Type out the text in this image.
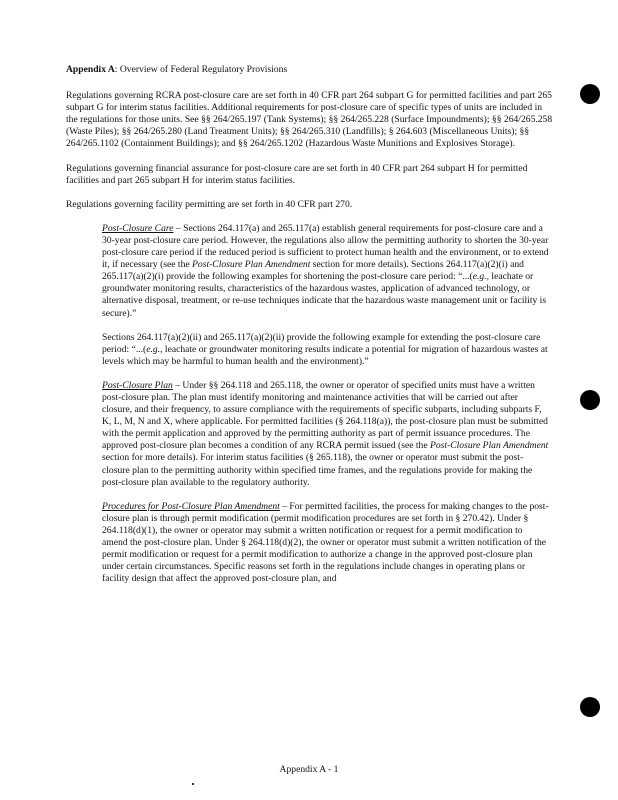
Appendix A: Overview of Federal Regulatory Provisions

Regulations governing RCRA post-closure care are set forth in 40 CFR part 264 subpart G for permitted facilities and part 265 subpart G for interim status facilities. Additional requirements for post-closure care of specific types of units are included in the regulations for those units. See §§ 264/265.197 (Tank Systems); §§ 264/265.228 (Surface Impoundments); §§ 264/265.258 (Waste Piles); §§ 264/265.280 (Land Treatment Units); §§ 264/265.310 (Landfills); § 264.603 (Miscellaneous Units); §§ 264/265.1102 (Containment Buildings); and §§ 264/265.1202 (Hazardous Waste Munitions and Explosives Storage).

Regulations governing financial assurance for post-closure care are set forth in 40 CFR part 264 subpart H for permitted facilities and part 265 subpart H for interim status facilities.

Regulations governing facility permitting are set forth in 40 CFR part 270.

Post-Closure Care – Sections 264.117(a) and 265.117(a) establish general requirements for post-closure care and a 30-year post-closure care period. However, the regulations also allow the permitting authority to shorten the 30-year post-closure care period if the reduced period is sufficient to protect human health and the environment, or to extend it, if necessary (see the Post-Closure Plan Amendment section for more details). Sections 264.117(a)(2)(i) and 265.117(a)(2)(i) provide the following examples for shortening the post-closure care period: “...(e.g., leachate or groundwater monitoring results, characteristics of the hazardous wastes, application of advanced technology, or alternative disposal, treatment, or re-use techniques indicate that the hazardous waste management unit or facility is secure).”

Sections 264.117(a)(2)(ii) and 265.117(a)(2)(ii) provide the following example for extending the post-closure care period: “...(e.g., leachate or groundwater monitoring results indicate a potential for migration of hazardous wastes at levels which may be harmful to human health and the environment).”

Post-Closure Plan – Under §§ 264.118 and 265.118, the owner or operator of specified units must have a written post-closure plan. The plan must identify monitoring and maintenance activities that will be carried out after closure, and their frequency, to assure compliance with the requirements of specific subparts, including subparts F, K, L, M, N and X, where applicable. For permitted facilities (§ 264.118(a)), the post-closure plan must be submitted with the permit application and approved by the permitting authority as part of permit issuance procedures. The approved post-closure plan becomes a condition of any RCRA permit issued (see the Post-Closure Plan Amendment section for more details). For interim status facilities (§ 265.118), the owner or operator must submit the post-closure plan to the permitting authority within specified time frames, and the regulations provide for making the post-closure plan available to the regulatory authority.

Procedures for Post-Closure Plan Amendment – For permitted facilities, the process for making changes to the post-closure plan is through permit modification (permit modification procedures are set forth in § 270.42). Under § 264.118(d)(1), the owner or operator may submit a written notification or request for a permit modification to amend the post-closure plan. Under § 264.118(d)(2), the owner or operator must submit a written notification of the permit modification or request for a permit modification to authorize a change in the approved post-closure plan under certain circumstances. Specific reasons set forth in the regulations include changes in operating plans or facility design that affect the approved post-closure plan, and

Appendix A - 1
